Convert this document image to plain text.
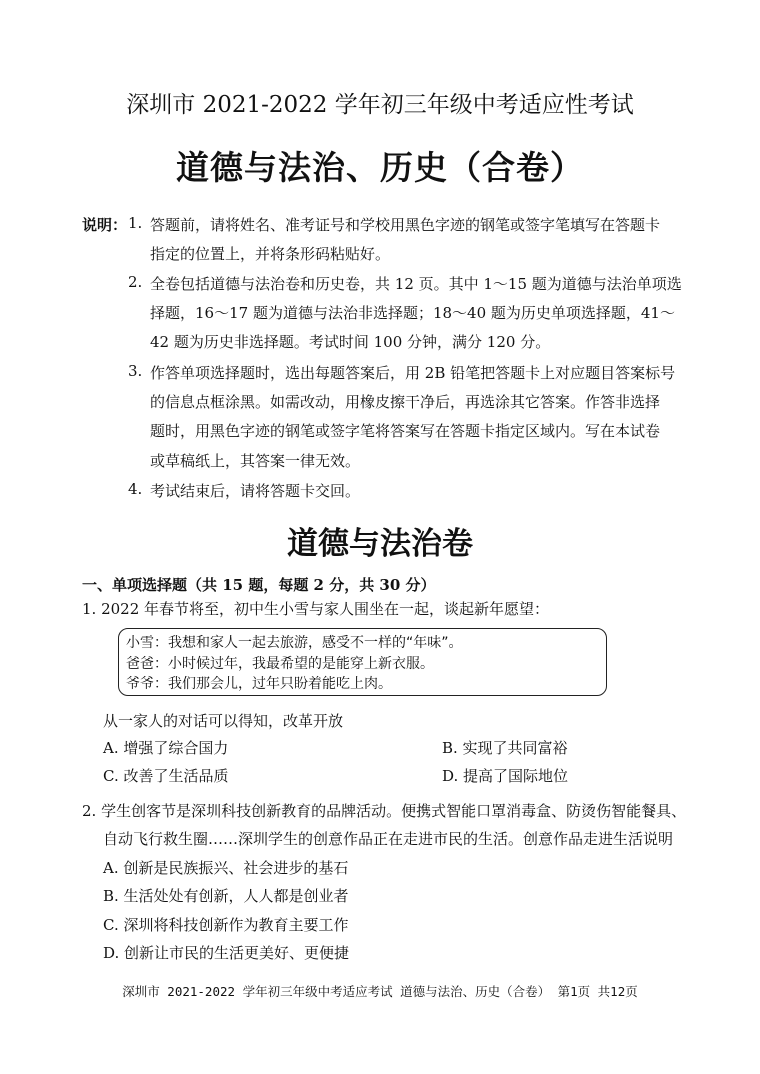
深圳市 2021-2022 学年初三年级中考适应性考试
道德与法治、历史（合卷）
说明： 1. 答题前，请将姓名、准考证号和学校用黑色字迹的钢笔或签字笔填写在答题卡
指定的位置上，并将条形码粘贴好。
2. 全卷包括道德与法治卷和历史卷，共 12 页。其中 1～15 题为道德与法治单项选
择题，16～17 题为道德与法治非选择题；18～40 题为历史单项选择题，41～
42 题为历史非选择题。考试时间 100 分钟，满分 120 分。
3. 作答单项选择题时，选出每题答案后，用 2B 铅笔把答题卡上对应题目答案标号
的信息点框涂黑。如需改动，用橡皮擦干净后，再选涂其它答案。作答非选择
题时，用黑色字迹的钢笔或签字笔将答案写在答题卡指定区域内。写在本试卷
或草稿纸上，其答案一律无效。
4. 考试结束后，请将答题卡交回。
道德与法治卷
一、单项选择题（共 15 题，每题 2 分，共 30 分）
1. 2022 年春节将至，初中生小雪与家人围坐在一起，谈起新年愿望：
小雪：我想和家人一起去旅游，感受不一样的“年味”。
爸爸：小时候过年，我最希望的是能穿上新衣服。
爷爷：我们那会儿，过年只盼着能吃上肉。
从一家人的对话可以得知，改革开放
A. 增强了综合国力	B. 实现了共同富裕
C. 改善了生活品质	D. 提高了国际地位
2. 学生创客节是深圳科技创新教育的品牌活动。便携式智能口罩消毒盒、防烫伤智能餐具、
自动飞行救生圈……深圳学生的创意作品正在走进市民的生活。创意作品走进生活说明
A. 创新是民族振兴、社会进步的基石
B. 生活处处有创新，人人都是创业者
C. 深圳将科技创新作为教育主要工作
D. 创新让市民的生活更美好、更便捷
深圳市 2021-2022 学年初三年级中考适应考试 道德与法治、历史（合卷） 第1页 共12页
